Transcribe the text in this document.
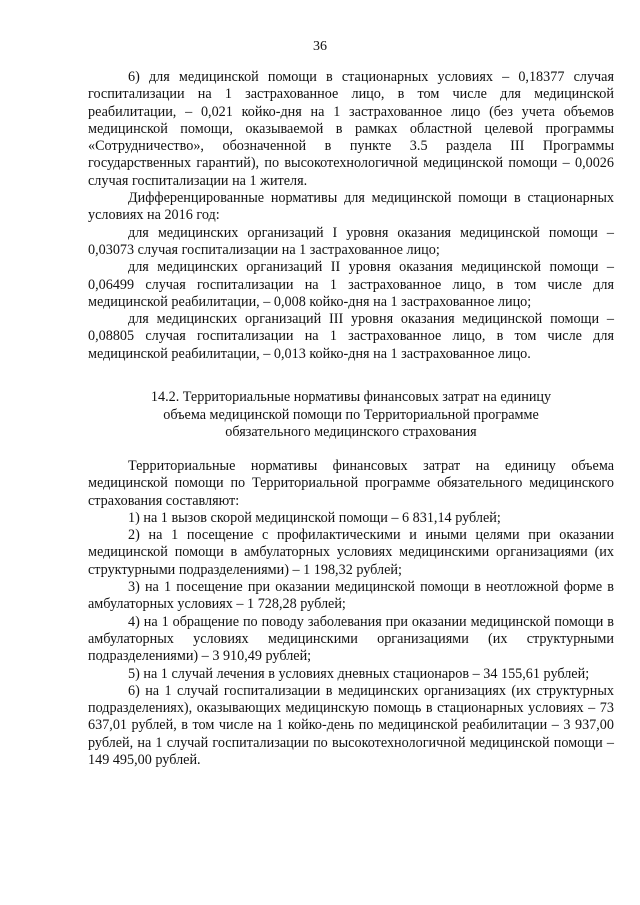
36

6) для медицинской помощи в стационарных условиях – 0,18377 случая госпитализации на 1 застрахованное лицо, в том числе для медицинской реабилитации, – 0,021 койко-дня на 1 застрахованное лицо (без учета объемов медицинской помощи, оказываемой в рамках областной целевой программы «Сотрудничество», обозначенной в пункте 3.5 раздела III Программы государственных гарантий), по высокотехнологичной медицинской помощи – 0,0026 случая госпитализации на 1 жителя.

Дифференцированные нормативы для медицинской помощи в стационарных условиях на 2016 год:

для медицинских организаций I уровня оказания медицинской помощи – 0,03073 случая госпитализации на 1 застрахованное лицо;

для медицинских организаций II уровня оказания медицинской помощи – 0,06499 случая госпитализации на 1 застрахованное лицо, в том числе для медицинской реабилитации, – 0,008 койко-дня на 1 застрахованное лицо;

для медицинских организаций III уровня оказания медицинской помощи – 0,08805 случая госпитализации на 1 застрахованное лицо, в том числе для медицинской реабилитации, – 0,013 койко-дня на 1 застрахованное лицо.

14.2. Территориальные нормативы финансовых затрат на единицу
объема медицинской помощи по Территориальной программе
обязательного медицинского страхования

Территориальные нормативы финансовых затрат на единицу объема медицинской помощи по Территориальной программе обязательного медицинского страхования составляют:

1) на 1 вызов скорой медицинской помощи – 6 831,14 рублей;

2) на 1 посещение с профилактическими и иными целями при оказании медицинской помощи в амбулаторных условиях медицинскими организациями (их структурными подразделениями) – 1 198,32 рублей;

3) на 1 посещение при оказании медицинской помощи в неотложной форме в амбулаторных условиях – 1 728,28 рублей;

4) на 1 обращение по поводу заболевания при оказании медицинской помощи в амбулаторных условиях медицинскими организациями (их структурными подразделениями) – 3 910,49 рублей;

5) на 1 случай лечения в условиях дневных стационаров – 34 155,61 рублей;

6) на 1 случай госпитализации в медицинских организациях (их структурных подразделениях), оказывающих медицинскую помощь в стационарных условиях – 73 637,01 рублей, в том числе на 1 койко-день по медицинской реабилитации – 3 937,00 рублей, на 1 случай госпитализации по высокотехнологичной медицинской помощи – 149 495,00 рублей.
